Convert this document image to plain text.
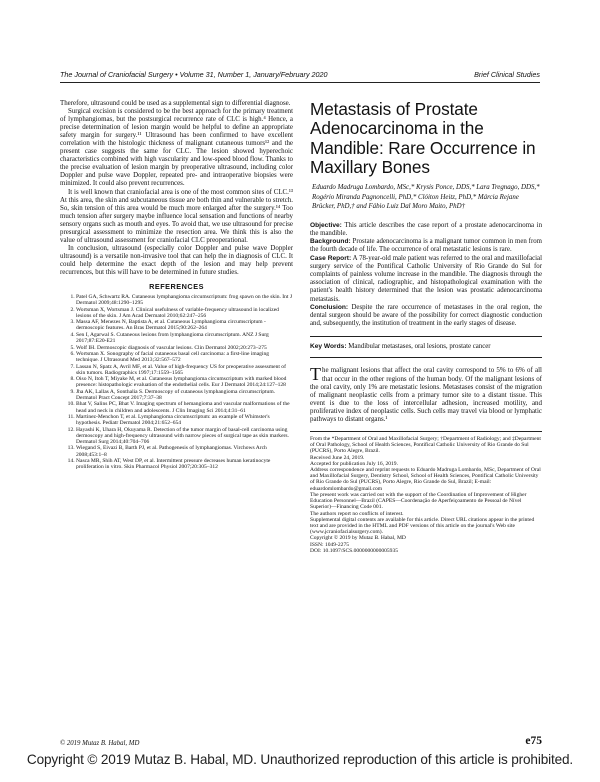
The Journal of Craniofacial Surgery • Volume 31, Number 1, January/February 2020	Brief Clinical Studies

Therefore, ultrasound could be used as a supplemental sign to differential diagnose.

Surgical excision is considered to be the best approach for the primary treatment of lymphangiomas, but the postsurgical recurrence rate of CLC is high.⁴ Hence, a precise determination of lesion margin would be helpful to define an appropriate safety margin for surgery.¹¹ Ultrasound has been confirmed to have excellent correlation with the histologic thickness of malignant cutaneous tumors¹² and the present case suggests the same for CLC. The lesion showed hyperechoic characteristics combined with high vascularity and low-speed blood flow. Thanks to the precise evaluation of lesion margin by preoperative ultrasound, including color Doppler and pulse wave Doppler, repeated pre- and intraoperative biopsies were minimized. It could also prevent recurrences.

It is well known that craniofacial area is one of the most common sites of CLC.¹³ At this area, the skin and subcutaneous tissue are both thin and vulnerable to stretch. So, skin tension of this area would be much more enlarged after the surgery.¹⁴ Too much tension after surgery maybe influence local sensation and functions of nearby sensory organs such as mouth and eyes. To avoid that, we use ultrasound for precise presurgical assessment to minimize the resection area. We think this is also the value of ultrasound assessment for craniofacial CLC preoperational.

In conclusion, ultrasound (especially color Doppler and pulse wave Doppler ultrasound) is a versatile non-invasive tool that can help the in diagnosis of CLC. It could help determine the exact depth of the lesion and may help prevent recurrences, but this will have to be determined in future studies.

REFERENCES
1. Patel GA, Schwartz RA. Cutaneous lymphangioma circumscriptum: frog spawn on the skin. Int J Dermatol 2009;48:1290–1295
2. Wortsman X, Wortsman J. Clinical usefulness of variable-frequency ultrasound in localized lesions of the skin. J Am Acad Dermatol 2010;62:247–256
3. Massa AF, Menezes N, Baptista A, et al. Cutaneous Lymphangioma circumscriptum - dermoscopic features. An Bras Dermatol 2015;90:262–264
4. Sen I, Agarwal S. Cutaneous lesions from lymphangioma circumscriptum. ANZ J Surg 2017;87:E20-E21
5. Wolf IH. Dermoscopic diagnosis of vascular lesions. Clin Dermatol 2002;20:273–275
6. Wortsman X. Sonography of facial cutaneous basal cell carcinoma: a first-line imaging technique. J Ultrasound Med 2013;32:567–572
7. Lassau N, Spatz A, Avril MF, et al. Value of high-frequency US for preoperative assessment of skin tumors. Radiographics 1997;17:1559–1565
8. Oiso N, Itoh T, Miyake M, et al. Cutaneous lymphangioma circumscriptum with marked blood presence: histopathologic evaluation of the endothelial cells. Eur J Dermatol 2014;24:127–128
9. Jha AK, Lallas A, Sonthalia S. Dermoscopy of cutaneous lymphangioma circumscriptum. Dermatol Pract Concept 2017;7:37–38
10. Bhat V, Salins PC, Bhat V. Imaging spectrum of hemangioma and vascular malformations of the head and neck in children and adolescents. J Clin Imaging Sci 2014;4:31–61
11. Martinez-Menchon T, et al. Lymphangioma circumscriptum: an example of Whimster's hypothesis. Pediatr Dermatol 2004;21:652–654
12. Hayashi K, Uhara H, Okuyama R. Detection of the tumor margin of basal-cell carcinoma using dermoscopy and high-frequency ultrasound with narrow pieces of surgical tape as skin markers. Dermatol Surg 2014;40:704–706
13. Wiegand S, Eivazi B, Barth PJ, et al. Pathogenesis of lymphangiomas. Virchows Arch 2008;453:1–8
14. Nasca MR, Shih AT, West DP, et al. Intermittent pressure decreases human keratinocyte proliferation in vitro. Skin Pharmacol Physiol 2007;20:305–312
Metastasis of Prostate Adenocarcinoma in the Mandible: Rare Occurrence in Maxillary Bones
Eduardo Madruga Lombardo, MSc,* Krysis Ponce, DDS,* Lara Tregnago, DDS,* Rogério Miranda Pagnoncelli, PhD,* Clóiton Heitz, PhD,* Márcia Rejane Brücker, PhD,† and Fábio Luiz Dal Moro Maito, PhD†

Objective: This article describes the case report of a prostate adenocarcinoma in the mandible.

Background: Prostate adenocarcinoma is a malignant tumor common in men from the fourth decade of life. The occurrence of oral metastatic lesions is rare.

Case Report: A 78-year-old male patient was referred to the oral and maxillofacial surgery service of the Pontifical Catholic University of Rio Grande do Sul for complaints of painless volume increase in the mandible. The diagnosis through the association of clinical, radiographic, and histopathological examination with the patient's health history determined that the lesion was prostatic adenocarcinoma metastasis.

Conclusion: Despite the rare occurrence of metastases in the oral region, the dental surgeon should be aware of the possibility for correct diagnostic conduction and, subsequently, the institution of treatment in the early stages of disease.

Key Words: Mandibular metastases, oral lesions, prostate cancer

The malignant lesions that affect the oral cavity correspond to 5% to 6% of all that occur in the other regions of the human body. Of the malignant lesions of the oral cavity, only 1% are metastatic lesions. Metastases consist of the migration of malignant neoplastic cells from a primary tumor site to a distant tissue. This event is due to the loss of intercellular adhesion, increased motility, and proliferative index of neoplastic cells. Such cells may travel via blood or lymphatic pathways to distant organs.¹

From the *Department of Oral and Maxillofacial Surgery; †Department of Radiology; and ‡Department of Oral Pathology, School of Health Sciences, Pontifical Catholic University of Rio Grande do Sul (PUCRS), Porto Alegre, Brazil.

Received June 24, 2019.

Accepted for publication July 16, 2019.

Address correspondence and reprint requests to Eduardo Madruga Lombardo, MSc, Department of Oral and Maxillofacial Surgery, Dentistry School, School of Health Sciences, Pontifical Catholic University of Rio Grande do Sul (PUCRS), Porto Alegre, Rio Grande do Sul, Brazil; E-mail: eduardomlombardo@gmail.com

The present work was carried out with the support of the Coordination of Improvement of Higher Education Personnel—Brazil (CAPES—Coordenação de Aperfeiçoamento de Pessoal de Nível Superior)—Financing Code 001.

The authors report no conflicts of interest.

Supplemental digital contents are available for this article. Direct URL citations appear in the printed text and are provided in the HTML and PDF versions of this article on the journal's Web site (www.jcraniofacialsurgery.com).

Copyright © 2019 by Mutaz B. Habal, MD

ISSN: 1049-2275

DOI: 10.1097/SCS.0000000000005935

© 2019 Mutaz B. Habal, MD	e75
Copyright © 2019 Mutaz B. Habal, MD. Unauthorized reproduction of this article is prohibited.
